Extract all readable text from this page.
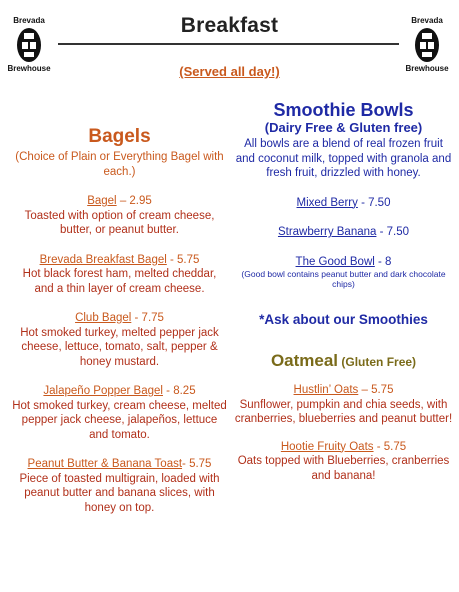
Brevada
Brewhouse
Brevada
Brewhouse
Breakfast
(Served all day!)
Bagels
(Choice of Plain or Everything Bagel with each.)
Bagel – 2.95
Toasted with option of cream cheese, butter, or peanut butter.
Brevada Breakfast Bagel - 5.75
Hot black forest ham, melted cheddar, and a thin layer of cream cheese.
Club Bagel - 7.75
Hot smoked turkey, melted pepper jack cheese, lettuce, tomato, salt, pepper & honey mustard.
Jalapeño Popper Bagel - 8.25
Hot smoked turkey, cream cheese, melted pepper jack cheese, jalapeños, lettuce and tomato.
Peanut Butter & Banana Toast- 5.75
Piece of toasted multigrain, loaded with peanut butter and banana slices, with honey on top.
Smoothie Bowls
(Dairy Free & Gluten free)
All bowls are a blend of real frozen fruit and coconut milk, topped with granola and fresh fruit, drizzled with honey.
Mixed Berry - 7.50
Strawberry Banana - 7.50
The Good Bowl - 8
(Good bowl contains peanut butter and dark chocolate chips)
*Ask about our Smoothies
Oatmeal (Gluten Free)
Hustlin’ Oats – 5.75
Sunflower, pumpkin and chia seeds, with cranberries, blueberries and peanut butter!
Hootie Fruity Oats - 5.75
Oats topped with Blueberries, cranberries and banana!
